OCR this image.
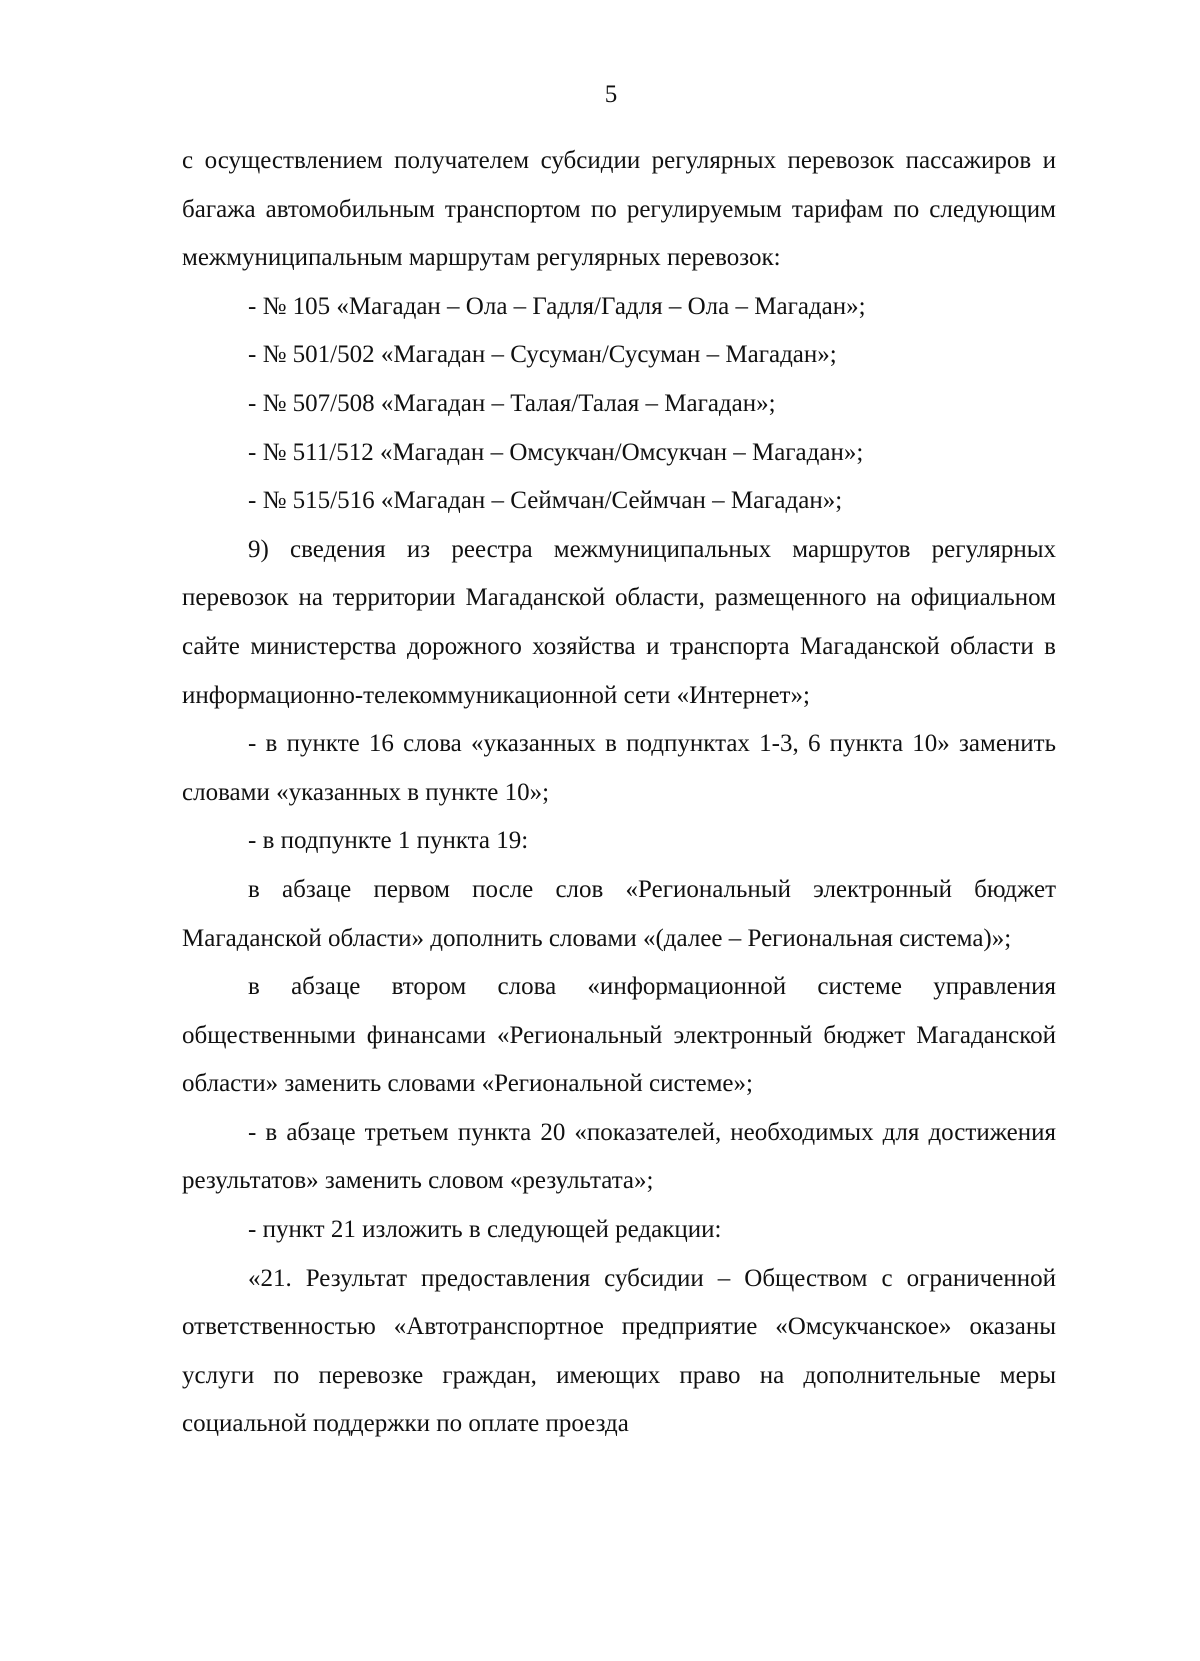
5

с осуществлением получателем субсидии регулярных перевозок пассажиров и багажа автомобильным транспортом по регулируемым тарифам по следующим межмуниципальным маршрутам регулярных перевозок:

- № 105 «Магадан – Ола – Гадля/Гадля – Ола – Магадан»;

- № 501/502 «Магадан – Сусуман/Сусуман – Магадан»;

- № 507/508 «Магадан – Талая/Талая – Магадан»;

- № 511/512 «Магадан – Омсукчан/Омсукчан – Магадан»;

- № 515/516 «Магадан – Сеймчан/Сеймчан – Магадан»;

9) сведения из реестра межмуниципальных маршрутов регулярных перевозок на территории Магаданской области, размещенного на официальном сайте министерства дорожного хозяйства и транспорта Магаданской области в информационно-телекоммуникационной сети «Интернет»;

- в пункте 16 слова «указанных в подпунктах 1-3, 6 пункта 10» заменить словами «указанных в пункте 10»;

- в подпункте 1 пункта 19:

в абзаце первом после слов «Региональный электронный бюджет Магаданской области» дополнить словами «(далее – Региональная система)»;

в абзаце втором слова «информационной системе управления общественными финансами «Региональный электронный бюджет Магаданской области» заменить словами «Региональной системе»;

- в абзаце третьем пункта 20 «показателей, необходимых для достижения результатов» заменить словом «результата»;

- пункт 21 изложить в следующей редакции:

«21. Результат предоставления субсидии – Обществом с ограниченной ответственностью «Автотранспортное предприятие «Омсукчанское» оказаны услуги по перевозке граждан, имеющих право на дополнительные меры социальной поддержки по оплате проезда
